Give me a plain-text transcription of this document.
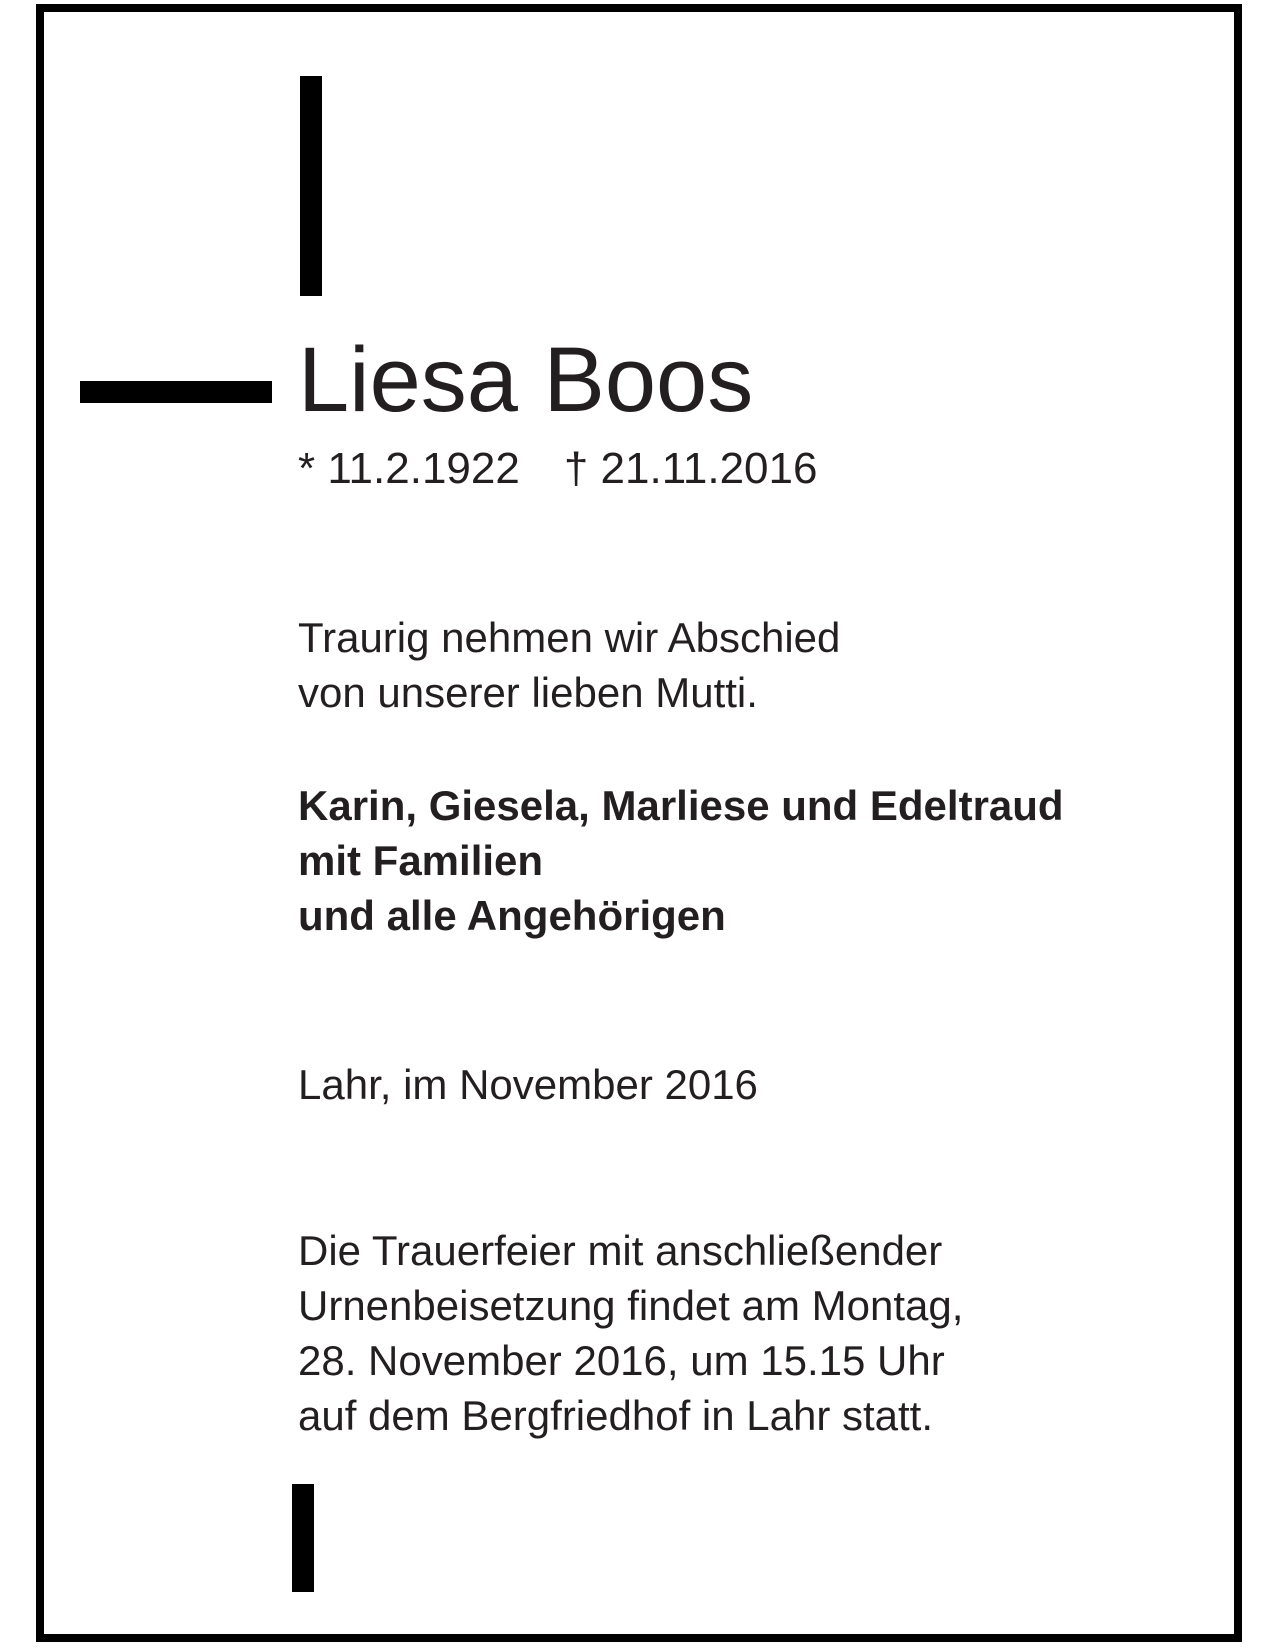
Liesa Boos
* 11.2.1922 † 21.11.2016
Traurig nehmen wir Abschied
von unserer lieben Mutti.
Karin, Giesela, Marliese und Edeltraud
mit Familien
und alle Angehörigen
Lahr, im November 2016
Die Trauerfeier mit anschließender
Urnenbeisetzung findet am Montag,
28. November 2016, um 15.15 Uhr
auf dem Bergfriedhof in Lahr statt.
